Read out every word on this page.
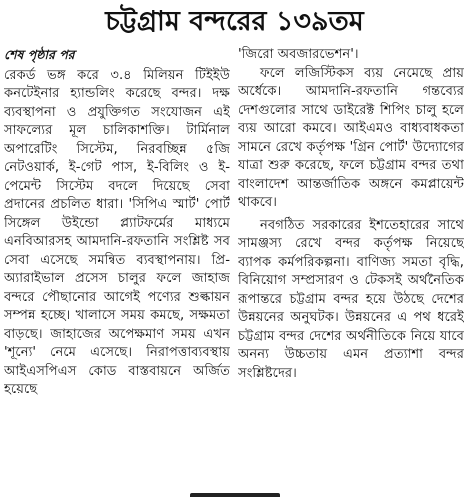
চট্টগ্রাম বন্দরের ১৩৯তম
শেষ পৃষ্ঠার পর

রেকর্ড ভঙ্গ করে ৩.৪ মিলিয়ন টিইইউ কনটেইনার হ্যান্ডলিং করেছে বন্দর। দক্ষ ব্যবস্থাপনা ও প্রযুক্তিগত সংযোজন এই সাফল্যের মূল চালিকাশক্তি। টার্মিনাল অপারেটিং সিস্টেম, নিরবচ্ছিন্ন ৫জি নেটওয়ার্ক, ই-গেট পাস, ই-বিলিং ও ই-পেমেন্ট সিস্টেম বদলে দিয়েছে সেবা প্রদানের প্রচলিত ধারা। 'সিপিএ স্মার্ট' পোর্ট সিঙ্গেল উইন্ডো প্ল্যাটফর্মের মাধ্যমে এনবিআরসহ আমদানি-রফতানি সংশ্লিষ্ট সব সেবা এসেছে সমন্বিত ব্যবস্থাপনায়। প্রি-অ্যারাইভাল প্রসেস চালুর ফলে জাহাজ বন্দরে পৌছানোর আগেই পণ্যের শুল্কায়ন সম্পন্ন হচ্ছে। খালাসে সময় কমছে, সক্ষমতা বাড়ছে। জাহাজের অপেক্ষমাণ সময় এখন 'শূন্যে' নেমে এসেছে। নিরাপত্তাব্যবস্থায় আইএসপিএস কোড বাস্তবায়নে অর্জিত হয়েছে

'জিরো অবজারভেশন'।

ফলে লজিস্টিকস ব্যয় নেমেছে প্রায় অর্ধেকে। আমদানি-রফতানি গন্তব্যের দেশগুলোর সাথে ডাইরেক্ট শিপিং চালু হলে ব্যয় আরো কমবে। আইএমও বাধ্যবাধকতা সামনে রেখে কর্তৃপক্ষ 'গ্রিন পোর্ট' উদ্যোগের যাত্রা শুরু করেছে, ফলে চট্টগ্রাম বন্দর তথা বাংলাদেশ আন্তর্জাতিক অঙ্গনে কমপ্লায়েন্ট থাকবে।

নবগঠিত সরকারের ইশতেহারের সাথে সামঞ্জস্য রেখে বন্দর কর্তৃপক্ষ নিয়েছে ব্যাপক কর্মপরিকল্পনা। বাণিজ্য সমতা বৃদ্ধি, বিনিয়োগ সম্প্রসারণ ও টেকসই অর্থনৈতিক রূপান্তরে চট্টগ্রাম বন্দর হয়ে উঠছে দেশের উন্নয়নের অনুঘটক। উন্নয়নের এ পথ ধরেই চট্টগ্রাম বন্দর দেশের অর্থনীতিকে নিয়ে যাবে অনন্য উচ্চতায় এমন প্রত্যাশা বন্দর সংশ্লিষ্টদের।
